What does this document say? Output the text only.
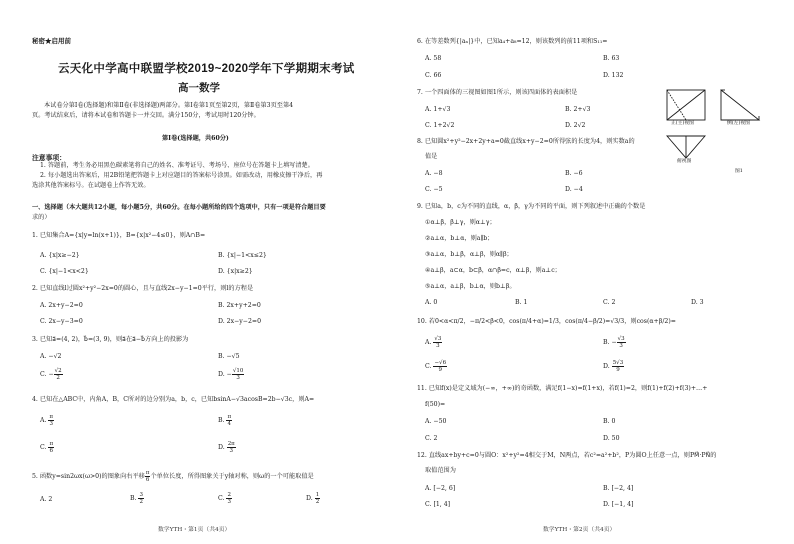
秘密★启用前
云天化中学高中联盟学校2019~2020学年下学期期末考试
高一数学
本试卷分第Ⅰ卷(选择题)和第Ⅱ卷(非选择题)两部分。第Ⅰ卷第1页至第2页，第Ⅱ卷第3页至第4
页。考试结束后，请将本试卷和答题卡一并交回。满分150分，考试用时120分钟。
第Ⅰ卷(选择题，共60分)
注意事项：
1. 答题前，考生务必用黑色碳素笔将自己的姓名、准考证号、考场号、座位号在答题卡上填写清楚。
2. 每小题选出答案后，用2B铅笔把答题卡上对应题目的答案标号涂黑。如需改动，用橡皮擦干净后，再
选涂其他答案标号。在试题卷上作答无效。
一、选择题（本大题共12小题，每小题5分，共60分。在每小题所给的四个选项中，只有一项是符合题目要
求的）
1. 已知集合A={x|y=ln(x+1)}，B={x|x²−4≤0}，则A∩B=
A. {x|x≥−2}	B. {x|−1<x≤2}
C. {x|−1<x<2}	D. {x|x≥2}
2. 已知直线l过圆x²+y²−2x=0的圆心，且与直线2x−y−1=0平行，则l的方程是
A. 2x+y−2=0	B. 2x+y+2=0
C. 2x−y−3=0	D. 2x−y−2=0
3. 已知a⃗=(4, 2)，b⃗=(3, 9)，则a⃗在a⃗−b⃗方向上的投影为
A. −√2	B. −√5
C. − $\frac{√2}{2}$	D. − $\frac{√10}{3}$
4. 已知在△ABC中，内角A，B，C所对的边分别为a，b，c，已知bsinA−√3acosB=2b−√3c，则A=
A. $\frac{\pi}{3}$	B. $\frac{\pi}{4}$
C. $\frac{\pi}{6}$	D. $\frac{2\pi}{3}$
5. 函数y=sin2ωx(ω>0)的图象向右平移 $\frac{\pi}{6}$ 个单位长度，所得图象关于y轴对称，则ω的一个可能取值是
A. 2	B. $\frac{3}{2}$	C. $\frac{2}{3}$	D. $\frac{1}{2}$
数学YTH・第1页（共4页）
6. 在等差数列{|aₙ|}中，已知a₄+a₈=12，则该数列的前11项和S₁₁=
A. 58	B. 63
C. 66	D. 132
7. 一个四面体的三视图如图1所示，则该四面体的表面积是
A. 1+√3	B. 2+√3
C. 1+2√2	D. 2√2	正(主)视图	侧(左)视图
俯视图
图1
8. 已知圆x²+y²−2x+2y+a=0截直线x+y−2=0所得弦的长度为4，则实数a的
值是
A. −8	B. −6
C. −5	D. −4
9. 已知a，b，c为不同的直线，α，β，γ为不同的平面，则下列叙述中正确的个数是
①α⊥β，β⊥γ，则α⊥γ；
②a⊥α，b⊥α，则a∥b；
③a⊥α，b⊥β，α⊥β，则α∥β；
④a⊥β，a⊂α，b⊂β，α∩β=c，α⊥β，则a⊥c；
⑤a⊥α，a⊥β，b⊥α，则b⊥β。
A. 0	B. 1	C. 2	D. 3
10. 若0<α<π/2，−π/2<β<0，cos(π/4+α)=1/3，cos(π/4−β/2)=√3/3，则cos(α+β/2)=
A. $\frac{√3}{3}$	B. − $\frac{√3}{3}$
C. $\frac{-√6}{9}$	D. $\frac{5√3}{9}$
11. 已知f(x)是定义域为(−∞，+∞)的奇函数，满足f(1−x)=f(1+x)，若f(1)=2，则f(1)+f(2)+f(3)+…+
f(50)=
A. −50	B. 0
C. 2	D. 50
12. 直线ax+by+c=0与圆O：x²+y²=4相交于M，N两点，若c²=a²+b²，P为圆O上任意一点，则PM⃗·PN⃗的
取值范围为
A. [−2, 6]	B. [−2, 4]
C. [1, 4]	D. [−1, 4]
数学YTH・第2页（共4页）
